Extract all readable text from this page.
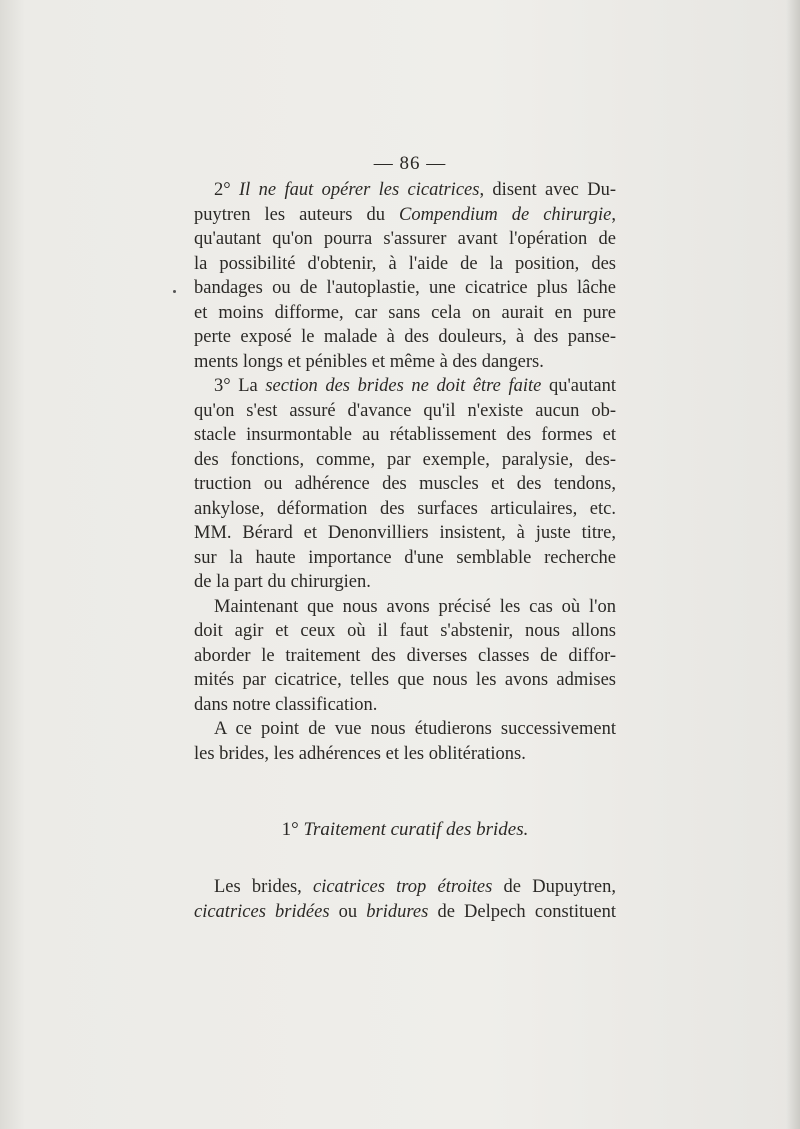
— 86 —
2° Il ne faut opérer les cicatrices, disent avec Du-
puytren les auteurs du Compendium de chirurgie,
qu'autant qu'on pourra s'assurer avant l'opération de
la possibilité d'obtenir, à l'aide de la position, des
bandages ou de l'autoplastie, une cicatrice plus lâche
et moins difforme, car sans cela on aurait en pure
perte exposé le malade à des douleurs, à des panse-
ments longs et pénibles et même à des dangers.
3° La section des brides ne doit être faite qu'autant
qu'on s'est assuré d'avance qu'il n'existe aucun ob-
stacle insurmontable au rétablissement des formes et
des fonctions, comme, par exemple, paralysie, des-
truction ou adhérence des muscles et des tendons,
ankylose, déformation des surfaces articulaires, etc.
MM. Bérard et Denonvilliers insistent, à juste titre,
sur la haute importance d'une semblable recherche
de la part du chirurgien.
Maintenant que nous avons précisé les cas où l'on
doit agir et ceux où il faut s'abstenir, nous allons
aborder le traitement des diverses classes de diffor-
mités par cicatrice, telles que nous les avons admises
dans notre classification.
A ce point de vue nous étudierons successivement
les brides, les adhérences et les oblitérations.
1° Traitement curatif des brides.
Les brides, cicatrices trop étroites de Dupuytren,
cicatrices bridées ou bridures de Delpech constituent
